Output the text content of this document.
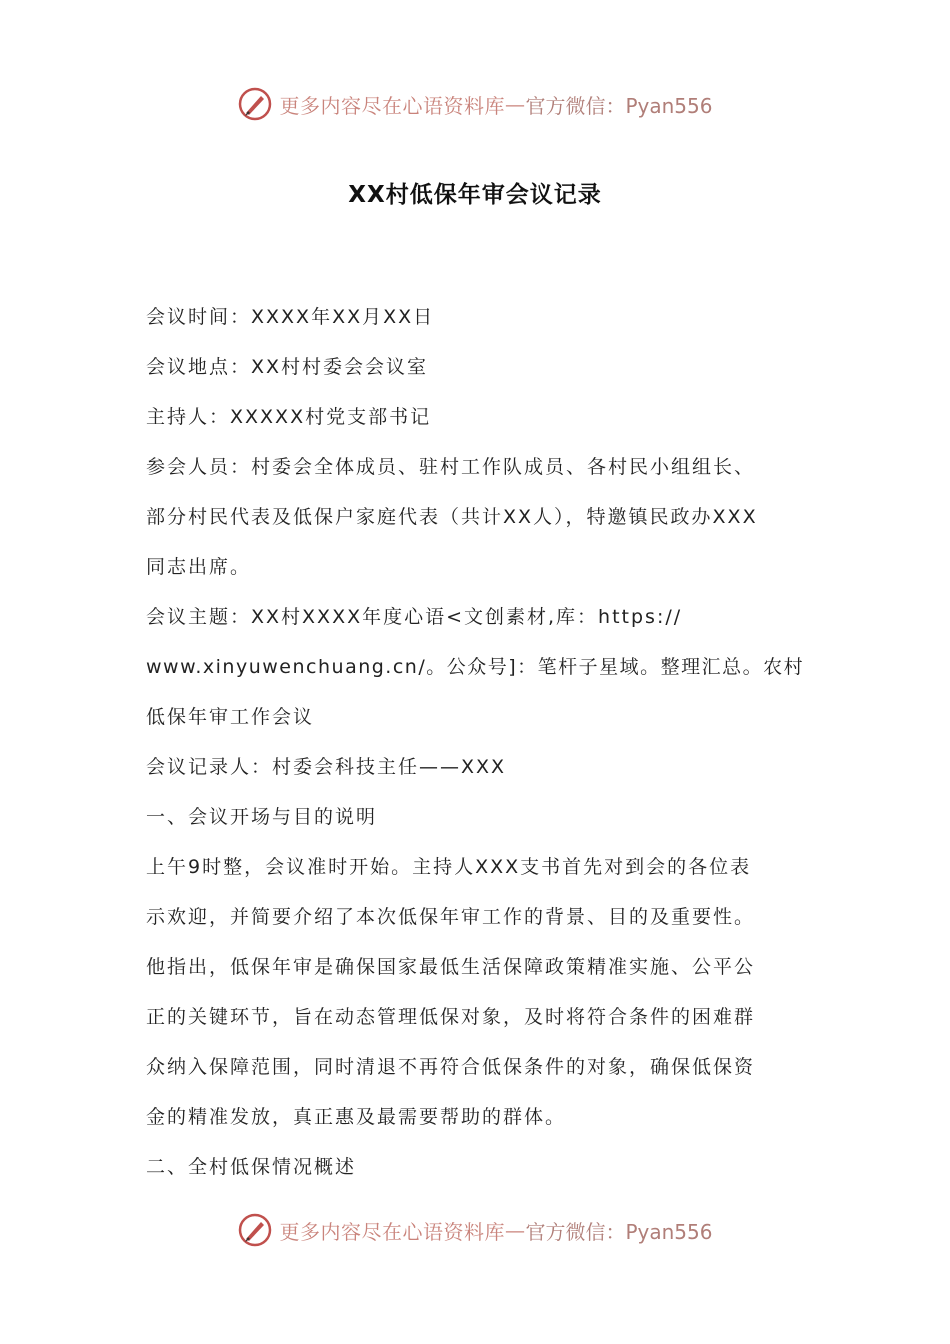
更多内容尽在心语资料库 — 官方微信：Pyan556
XX村低保年审会议记录
会议时间：XXXX年XX月XX日
会议地点：XX村村委会会议室
主持人：XXXXX村党支部书记
参会人员：村委会全体成员、驻村工作队成员、各村民小组组长、
部分村民代表及低保户家庭代表（共计XX人），特邀镇民政办XXX
同志出席。
会议主题：XX村XXXX年度心语<文创素材,库：https://
www.xinyuwenchuang.cn/。公众号]：笔杆子星域。整理汇总。农村
低保年审工作会议
会议记录人：村委会科技主任——XXX
一、会议开场与目的说明
上午9时整，会议准时开始。主持人XXX支书首先对到会的各位表
示欢迎，并简要介绍了本次低保年审工作的背景、目的及重要性。
他指出，低保年审是确保国家最低生活保障政策精准实施、公平公
正的关键环节，旨在动态管理低保对象，及时将符合条件的困难群
众纳入保障范围，同时清退不再符合低保条件的对象，确保低保资
金的精准发放，真正惠及最需要帮助的群体。
二、全村低保情况概述
更多内容尽在心语资料库 — 官方微信：Pyan556
